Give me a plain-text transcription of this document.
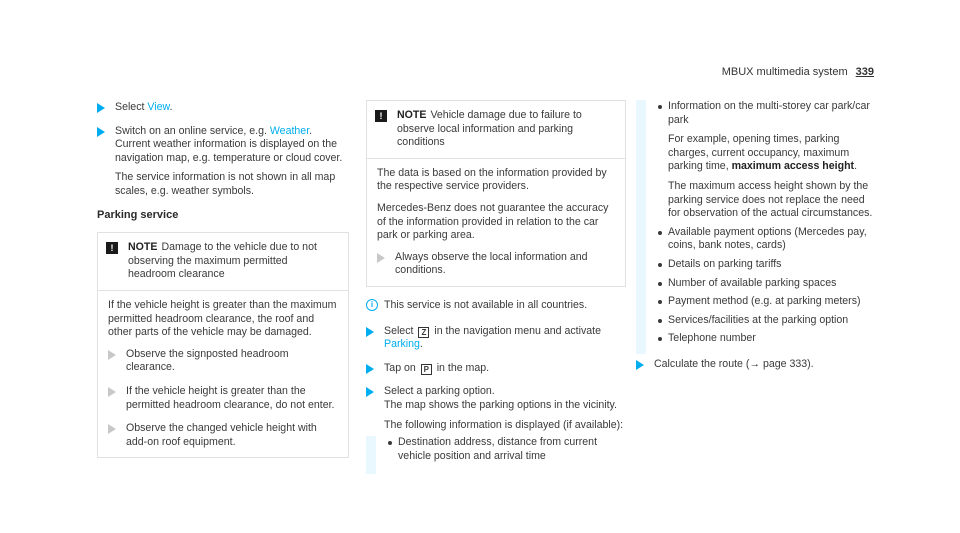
MBUX multimedia system 339
Select View.
Switch on an online service, e.g. Weather. Current weather information is displayed on the navigation map, e.g. temperature or cloud cover.
The service information is not shown in all map scales, e.g. weather symbols.
Parking service
!	NOTE Damage to the vehicle due to not observing the maximum permitted headroom clearance

If the vehicle height is greater than the maximum permitted headroom clearance, the roof and other parts of the vehicle may be damaged.

Observe the signposted headroom clearance.
If the vehicle height is greater than the permitted headroom clearance, do not enter.
Observe the changed vehicle height with add-on roof equipment.
!	NOTE Vehicle damage due to failure to observe local information and parking conditions

The data is based on the information provided by the respective service providers.

Mercedes-Benz does not guarantee the accuracy of the information provided in relation to the car park or parking area.

Always observe the local information and conditions.
i	This service is not available in all countries.
Select Z in the navigation menu and activate Parking.
Tap on P in the map.
Select a parking option.
The map shows the parking options in the vicinity.
The following information is displayed (if available):
Destination address, distance from current vehicle position and arrival time
Information on the multi-storey car park/car park
For example, opening times, parking charges, current occupancy, maximum parking time, maximum access height.
The maximum access height shown by the parking service does not replace the need for observation of the actual circumstances.
Available payment options (Mercedes pay, coins, bank notes, cards)
Details on parking tariffs
Number of available parking spaces
Payment method (e.g. at parking meters)
Services/facilities at the parking option
Telephone number
Calculate the route (→ page 333).
